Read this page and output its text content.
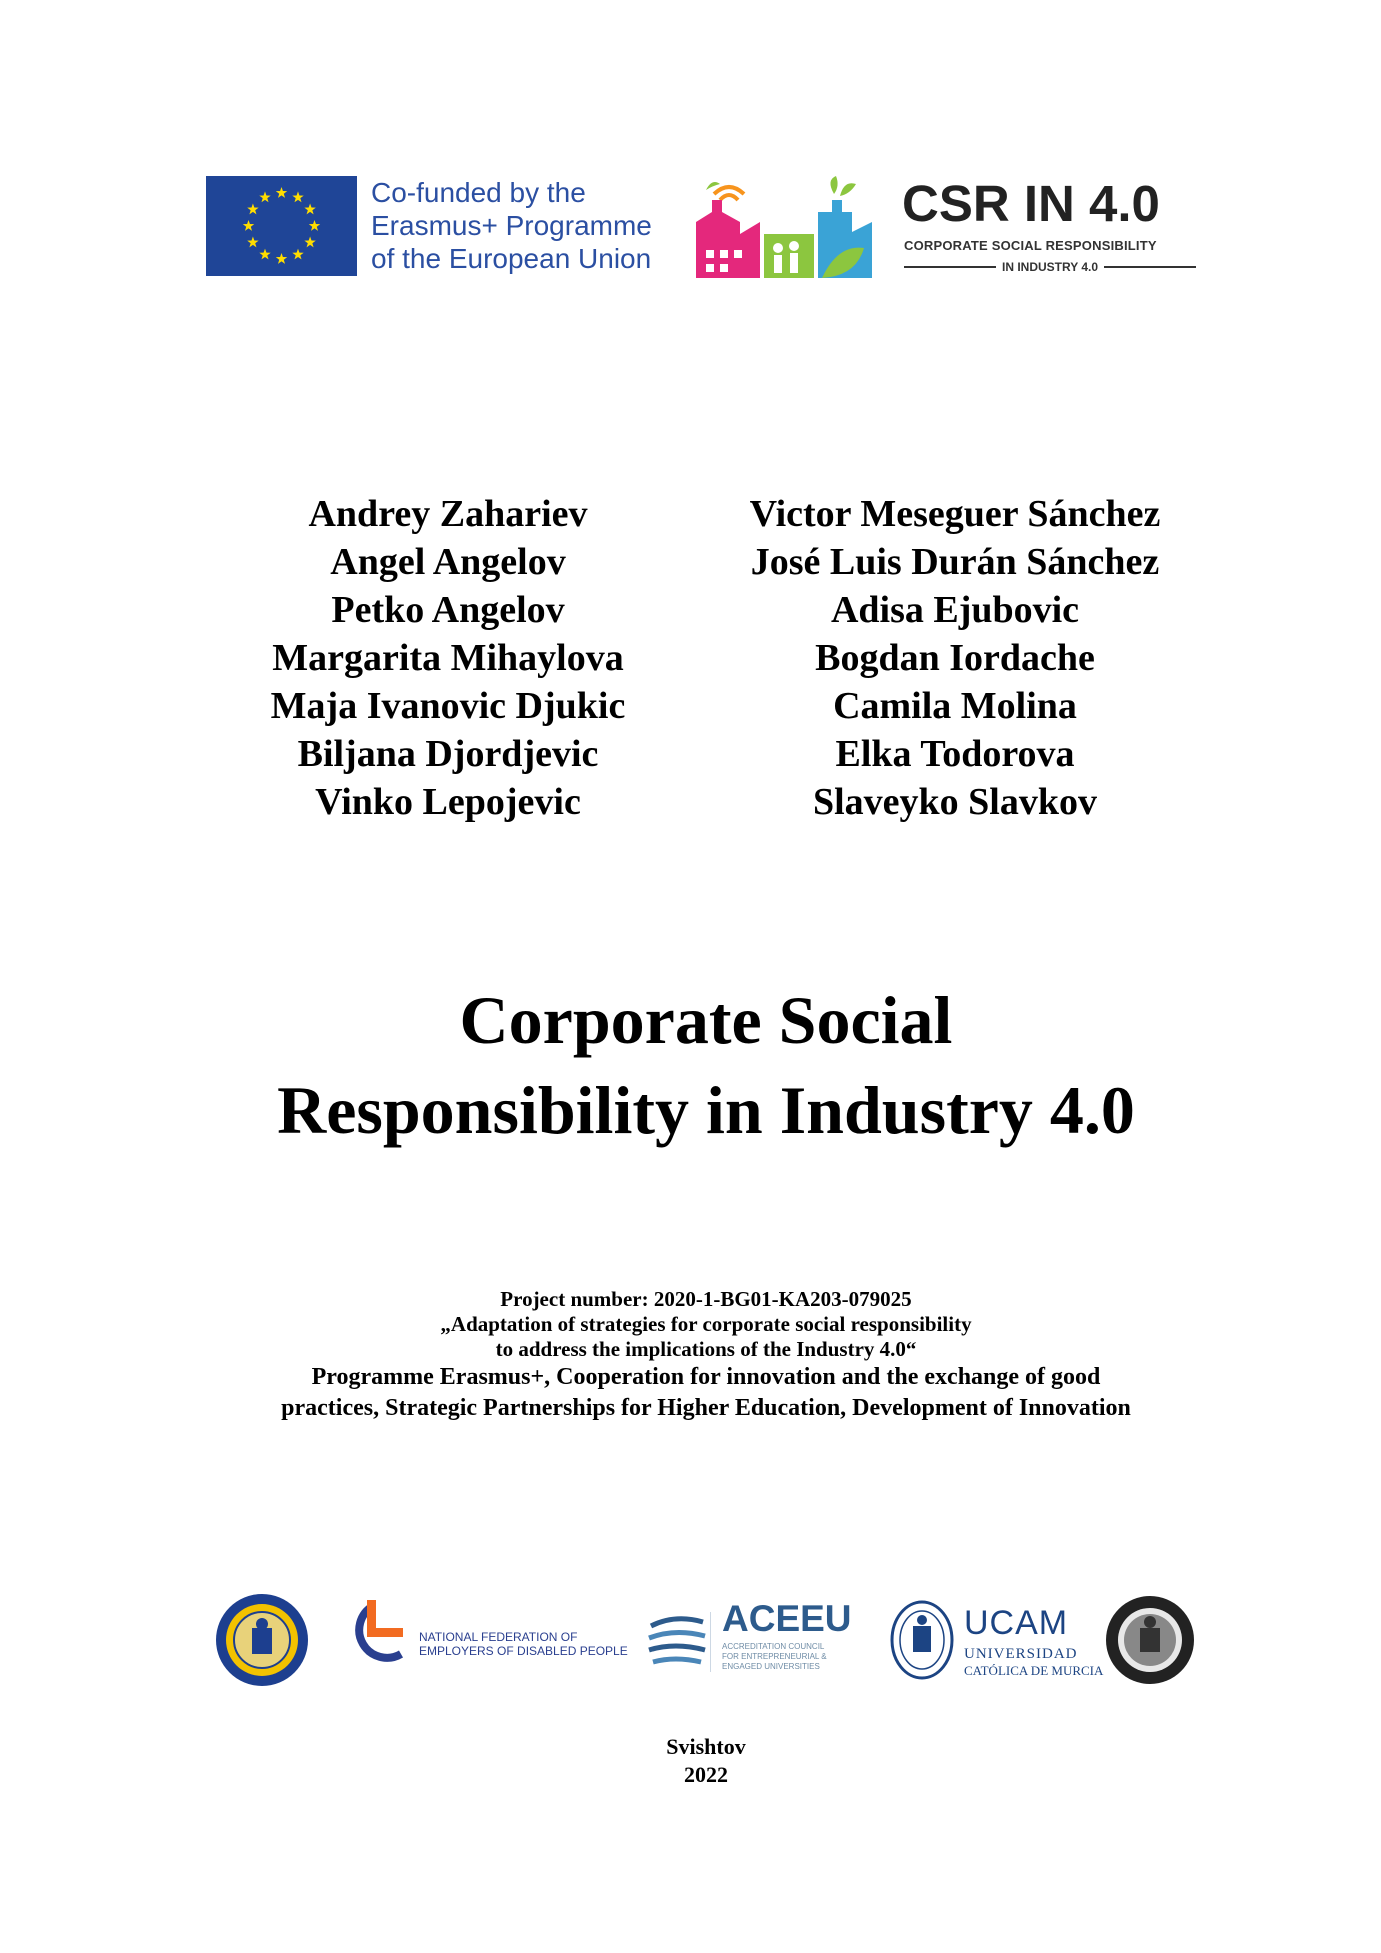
Co-funded by the
Erasmus+ Programme
of the European Union
CSR IN 4.0
CORPORATE SOCIAL RESPONSIBILITY
IN INDUSTRY 4.0
Andrey Zahariev
Angel Angelov
Petko Angelov
Margarita Mihaylova
Maja Ivanovic Djukic
Biljana Djordjevic
Vinko Lepojevic
Victor Meseguer Sánchez
José Luis Durán Sánchez
Adisa Ejubovic
Bogdan Iordache
Camila Molina
Elka Todorova
Slaveyko Slavkov
Corporate Social
Responsibility in Industry 4.0
Project number: 2020-1-BG01-KA203-079025
„Adaptation of strategies for corporate social responsibility
to address the implications of the Industry 4.0“
Programme Erasmus+, Cooperation for innovation and the exchange of good
practices, Strategic Partnerships for Higher Education, Development of Innovation
NATIONAL FEDERATION OF
EMPLOYERS OF DISABLED PEOPLE
ACEEU
ACCREDITATION COUNCIL
FOR ENTREPRENEURIAL &
ENGAGED UNIVERSITIES
UCAM
UNIVERSIDAD
CATÓLICA DE MURCIA
Svishtov
2022
